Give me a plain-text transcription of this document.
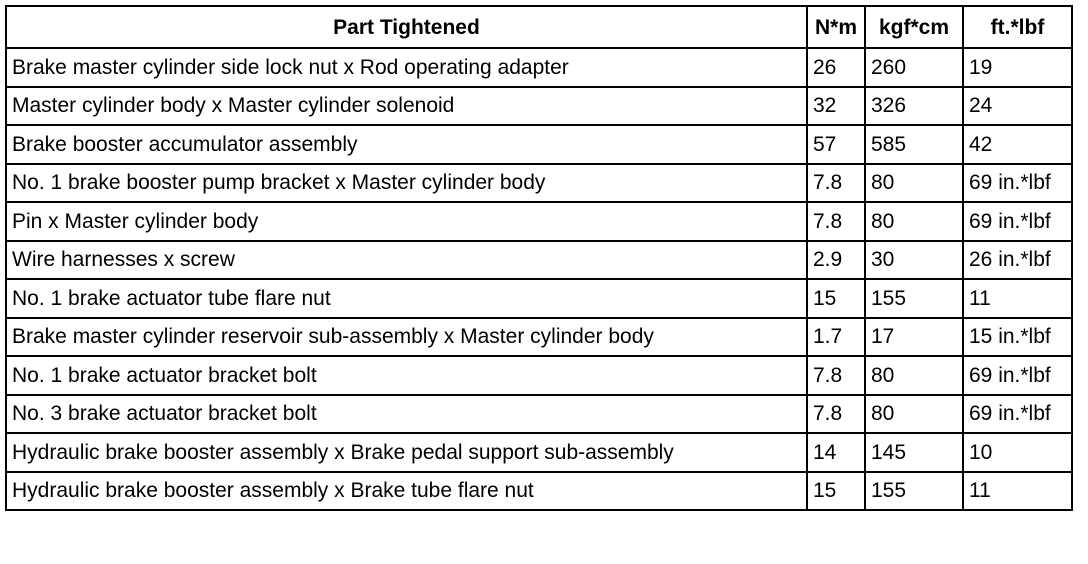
Part Tightened	N*m	kgf*cm	ft.*lbf
Brake master cylinder side lock nut x Rod operating adapter	26	260	19
Master cylinder body x Master cylinder solenoid	32	326	24
Brake booster accumulator assembly	57	585	42
No. 1 brake booster pump bracket x Master cylinder body	7.8	80	69 in.*lbf
Pin x Master cylinder body	7.8	80	69 in.*lbf
Wire harnesses x screw	2.9	30	26 in.*lbf
No. 1 brake actuator tube flare nut	15	155	11
Brake master cylinder reservoir sub-assembly x Master cylinder body	1.7	17	15 in.*lbf
No. 1 brake actuator bracket bolt	7.8	80	69 in.*lbf
No. 3 brake actuator bracket bolt	7.8	80	69 in.*lbf
Hydraulic brake booster assembly x Brake pedal support sub-assembly	14	145	10
Hydraulic brake booster assembly x Brake tube flare nut	15	155	11
